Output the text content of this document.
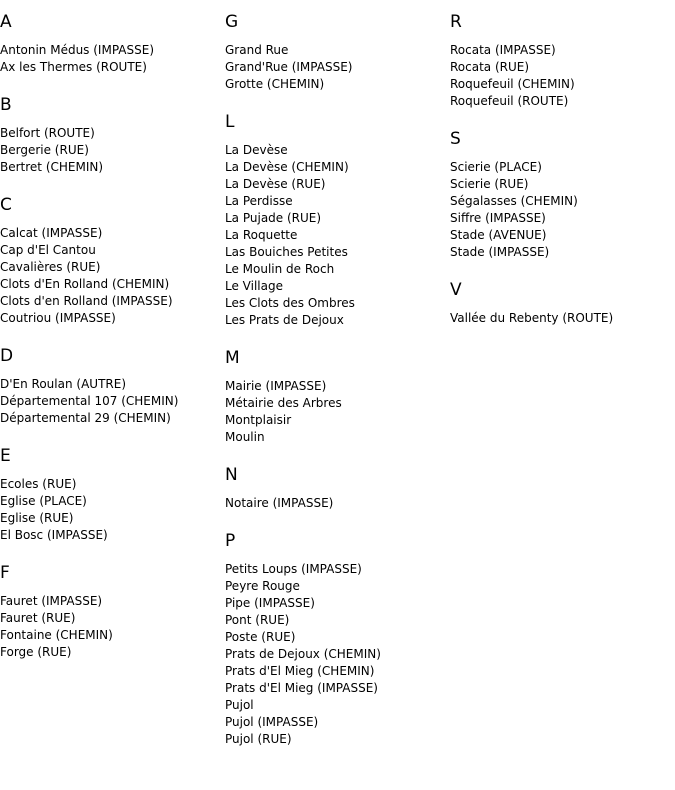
A
Antonin Médus (IMPASSE)
Ax les Thermes (ROUTE)
B
Belfort (ROUTE)
Bergerie (RUE)
Bertret (CHEMIN)
C
Calcat (IMPASSE)
Cap d'El Cantou
Cavalières (RUE)
Clots d'En Rolland (CHEMIN)
Clots d'en Rolland (IMPASSE)
Coutriou (IMPASSE)
D
D'En Roulan (AUTRE)
Départemental 107 (CHEMIN)
Départemental 29 (CHEMIN)
E
Ecoles (RUE)
Eglise (PLACE)
Eglise (RUE)
El Bosc (IMPASSE)
F
Fauret (IMPASSE)
Fauret (RUE)
Fontaine (CHEMIN)
Forge (RUE)
G
Grand Rue
Grand'Rue (IMPASSE)
Grotte (CHEMIN)
L
La Devèse
La Devèse (CHEMIN)
La Devèse (RUE)
La Perdisse
La Pujade (RUE)
La Roquette
Las Bouiches Petites
Le Moulin de Roch
Le Village
Les Clots des Ombres
Les Prats de Dejoux
M
Mairie (IMPASSE)
Métairie des Arbres
Montplaisir
Moulin
N
Notaire (IMPASSE)
P
Petits Loups (IMPASSE)
Peyre Rouge
Pipe (IMPASSE)
Pont (RUE)
Poste (RUE)
Prats de Dejoux (CHEMIN)
Prats d'El Mieg (CHEMIN)
Prats d'El Mieg (IMPASSE)
Pujol
Pujol (IMPASSE)
Pujol (RUE)
R
Rocata (IMPASSE)
Rocata (RUE)
Roquefeuil (CHEMIN)
Roquefeuil (ROUTE)
S
Scierie (PLACE)
Scierie (RUE)
Ségalasses (CHEMIN)
Siffre (IMPASSE)
Stade (AVENUE)
Stade (IMPASSE)
V
Vallée du Rebenty (ROUTE)
